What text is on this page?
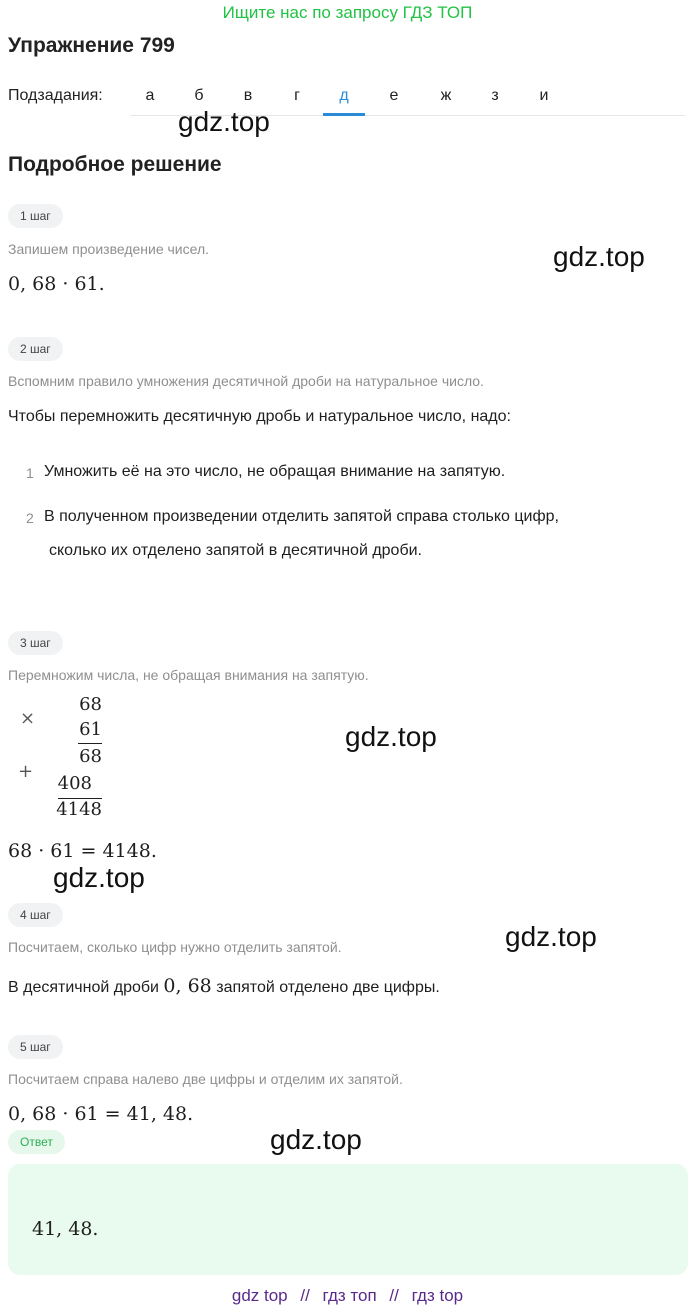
Ищите нас по запросу ГДЗ ТОП
Упражнение 799
Подзадания:	а	б	в	г	д	е	ж	з	и
Подробное решение
1 шаг
Запишем произведение чисел.
0, 68 · 61.
2 шаг
Вспомним правило умножения десятичной дроби на натуральное число.
Чтобы перемножить десятичную дробь и натуральное число, надо:
1 Умножить её на это число, не обращая внимание на запятую.
2 В полученном произведении отделить запятой справа столько цифр,
сколько их отделено запятой в десятичной дроби.
3 шаг
Перемножим числа, не обращая внимания на запятую.
×
68
61
68
+
408
4148
68 · 61 = 4148.
4 шаг
Посчитаем, сколько цифр нужно отделить запятой.
В десятичной дроби 0, 68 запятой отделено две цифры.
5 шаг
Посчитаем справа налево две цифры и отделим их запятой.
0, 68 · 61 = 41, 48.
Ответ
41, 48.
gdz.top
gdz.top
gdz.top
gdz.top
gdz.top
gdz.top
gdz top // гдз топ // гдз top
